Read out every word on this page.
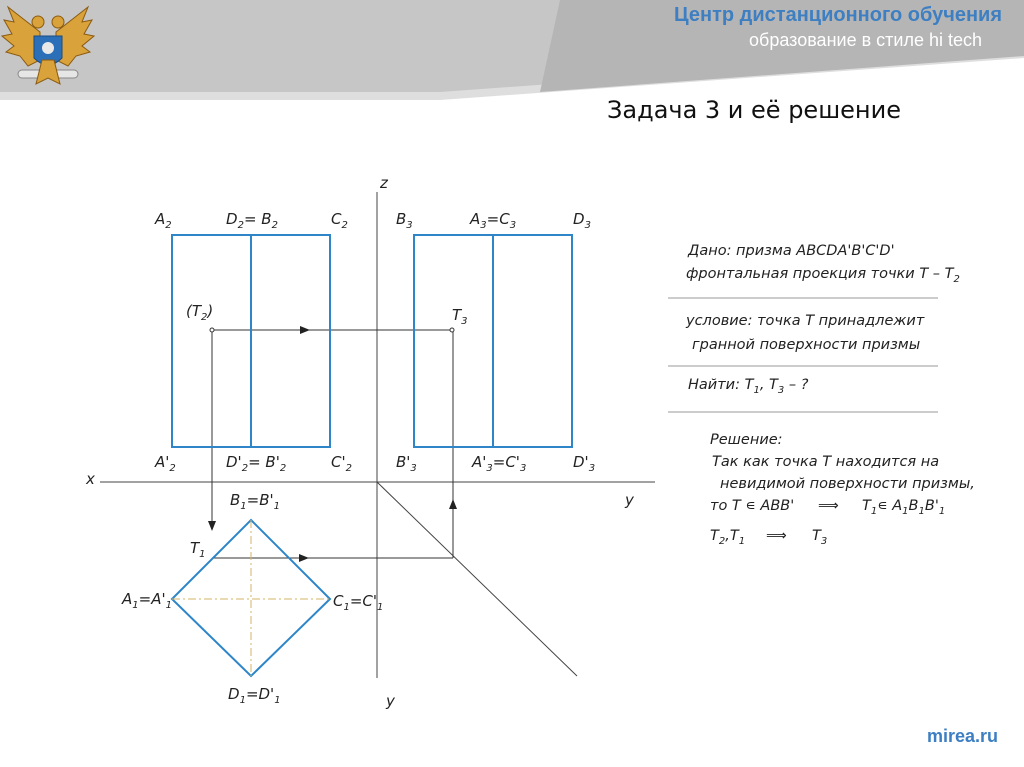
Центр дистанционного обучения
образование в стиле hi tech
Задача 3 и её решение
z
x
y
y
$A_2$	$D_2= B_2$	$C_2$
$A'_2$	$D'_2= B'_2$	$C'_2$
$(T_2)$
$B_3$	$A_3=C_3$	$D_3$
$T_3$
$B'_3$	$A'_3=C'_3$	$D'_3$
$B_1=B'_1$
$T_1$
$A_1=A'_1$	$C_1=C'_1$
$D_1=D'_1$
Дано: призма ABCDA'B'C'D'
фронтальная проекция точки T – $T_2$
условие: точка T принадлежит
гранной поверхности призмы
Найти: $T_1$, $T_3$ – ?
Решение:
Так как точка T находится на
невидимой поверхности призмы,
то T ∊ ABB' ⟹ $T_1∊$ $A_1B_1B'_1$
$T_2,T_1$ ⟹ $T_3$
mirea.ru
